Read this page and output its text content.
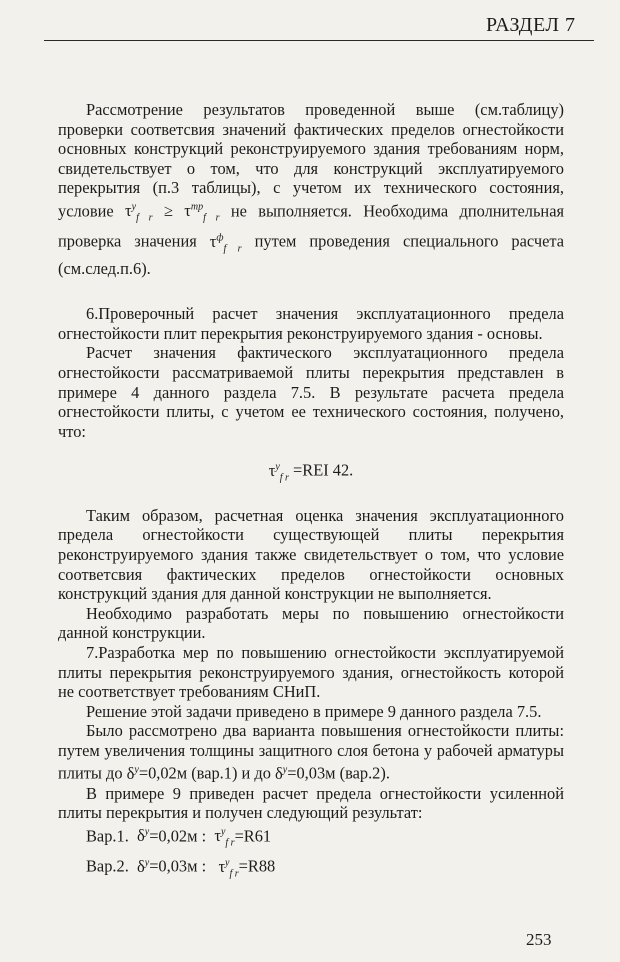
РАЗДЕЛ 7

Рассмотрение результатов проведенной выше (см.таблицу) проверки соответсвия значений фактических пределов огнестойкости основных конструкций реконструируемого здания требованиям норм, свидетельствует о том, что для конструкций эксплуатируемого перекрытия (п.3 таблицы), с учетом их технического состояния, условие $\tau^у_{f r} \ge \tau^{тр}_{f r}$ не выполняется. Необходима дполнительная проверка значения $\tau^ф_{f r}$ путем проведения специального расчета (см.след.п.6).

6.Проверочный расчет значения эксплуатационного предела огнестойкости плит перекрытия реконструируемого здания - основы.

Расчет значения фактического эксплуатационного предела огнестойкости рассматриваемой плиты перекрытия представлен в примере 4 данного раздела 7.5. В результате расчета предела огнестойкости плиты, с учетом ее технического состояния, получено, что:

$\tau^у_{f r} =REI$ 42.

Таким образом, расчетная оценка значения эксплуатационного предела огнестойкости существующей плиты перекрытия реконструируемого здания также свидетельствует о том, что условие соответсвия фактических пределов огнестойкости основных конструкций здания для данной конструкции не выполняется.

Необходимо разработать меры по повышению огнестойкости данной конструкции.

7.Разработка мер по повышению огнестойкости эксплуатируемой плиты перекрытия реконструируемого здания, огнестойкость которой не соответствует требованиям СНиП.

Решение этой задачи приведено в примере 9 данного раздела 7.5.

Было рассмотрено два варианта повышения огнестойкости плиты: путем увеличения толщины защитного слоя бетона у рабочей арматуры плиты до $\delta^у=0,02м$ (вар.1) и до $\delta^у=0,03м$ (вар.2).

В примере 9 приведен расчет предела огнестойкости усиленной плиты перекрытия и получен следующий результат:

Вар.1. $\delta^у=0,02м$ : $\tau^у_{f r}=R61$

Вар.2. $\delta^у=0,03м$ : $\tau^у_{f r}=R88$

253
